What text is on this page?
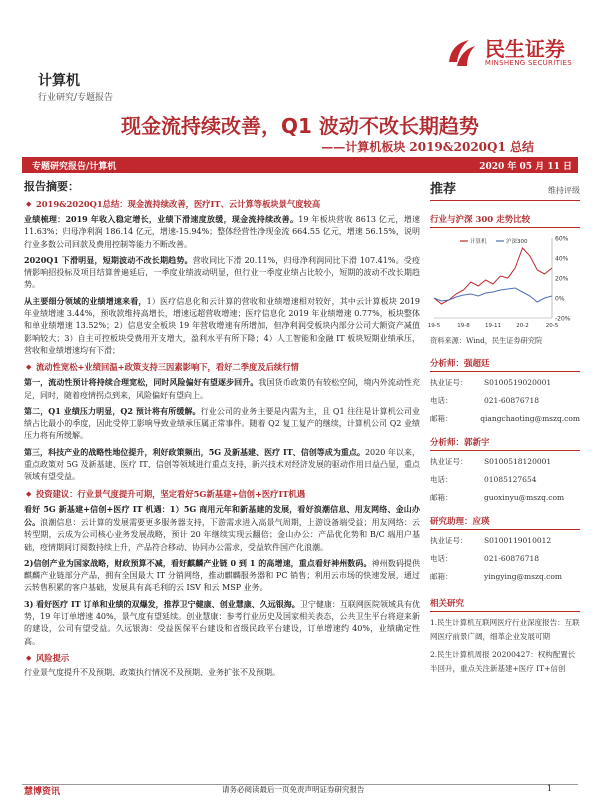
民生证券
MINSHENG SECURITIES
计算机
行业研究/专题报告
现金流持续改善，Q1 波动不改长期趋势
——计算机板块 2019&2020Q1 总结
专题研究报告/计算机	2020 年 05 月 11 日
报告摘要：
◆ 2019&2020Q1总结：现金流持续改善，医疗IT、云计算等板块景气度较高
业绩梳理：2019 年收入稳定增长，业绩下滑速度放缓，现金流持续改善。19 年板块营收 8613 亿元，增速 11.63%；归母净利润 186.14 亿元，增速-15.94%；整体经营性净现金流 664.55 亿元，增速 56.15%，说明行业多数公司回款及费用控制等能力不断改善。
2020Q1 下滑明显，短期波动不改长期趋势。营收同比下滑 20.11%，归母净利润同比下滑 107.41%。受疫情影响招投标及项目结算普遍延后，一季度业绩波动明显，但行业一季度业绩占比较小，短期的波动不改长期趋势。
从主要细分领域的业绩增速来看，1）医疗信息化和云计算的营收和业绩增速相对较好，其中云计算板块 2019 年业绩增速 3.44%，预收款维持高增长，增速远超营收增速；医疗信息化 2019 年业绩增速 0.77%，板块整体和单业绩增速 13.52%；2）信息安全板块 19 年营收增速有所增加，但净利润受板块内部分公司大额资产减值影响较大；3）自主可控板块受费用开支增大，盈利水平有所下降；4）人工智能和金融 IT 板块短期业绩承压，营收和业绩增速均有下滑；
◆ 流动性宽松+业绩回温+政策支持三因素影响下，看好二季度及后续行情
第一，流动性预计将持续合理宽松，同时风险偏好有望逐步回升。我国货币政策仍有较松空间，境内外流动性充足，同时，随着疫情拐点到来，风险偏好有望向上。
第二，Q1 业绩压力明显，Q2 预计将有所缓解。行业公司的业务主要是内需为主，且 Q1 往往是计算机公司业绩占比最小的季度，因此受停工影响导致业绩承压属正常事件。随着 Q2 复工复产的继续，计算机公司 Q2 业绩压力将有所缓解。
第三，科技产业的战略性地位提升，利好政策频出，5G 及新基建、医疗 IT、信创等成为重点。2020 年以来，重点政策对 5G 及新基建、医疗 IT、信创等领域进行重点支持，新兴技术对经济发展的驱动作用日益凸显，重点领域有望受益。
◆ 投资建议：行业景气度提升可期，坚定看好5G新基建+信创+医疗IT机遇
看好 5G 新基建+信创+医疗 IT 机遇：1）5G 商用元年和新基建的发展，看好浪潮信息、用友网络、金山办公。浪潮信息：云计算的发展需要更多服务器支持，下游需求进入高景气周期，上游设备端受益；用友网络：云转型期，云成为公司核心业务发展战略，预计 20 年继续实现云翻倍；金山办公：产品优化势和 B/C 端用户基础，疫情期间订阅数持续上升，产品符合移动、协同办公需求，受益软件国产化浪潮。
2)信创产业为国家战略，财政预算不减，看好麒麟产业链 0 到 1 的高增速，重点看好神州数码。神州数码提供麒麟产业链部分产品，拥有全国最大 IT 分销网络，推动麒麟服务器和 PC 销售；利用云市场的快速发展，通过云转售积累的客户基础，发展具有高毛利的云 ISV 和云 MSP 业务。
3) 看好医疗 IT 订单和业绩的双爆发，推荐卫宁健康、创业慧康、久远银海。卫宁健康：互联网医院领域具有优势，19 年订单增速 40%，景气度有望延续。创业慧康：参考行业历史及国家相关表态，公共卫生平台将迎来新的建设，公司有望受益。久远银海：受益医保平台建设和省级民政平台建设，订单增速约 40%，业绩确定性高。
◆ 风险提示
行业景气度提升不及预期、政策执行情况不及预期、业务扩张不及预期。
推荐	维持评级
行业与沪深 300 走势比较
60%
40%
20%
0%
-20%
19-5	19-8	19-11	20-2	20-5
计算机	沪深300
资料来源：Wind，民生证券研究院
分析师：强超廷
执业证号：	S0100519020001
电话：	021-60876718
邮箱：	qiangchaoting@mszq.com
分析师：郭新宇
执业证号：	S0100518120001
电话：	01085127654
邮箱：	guoxinyu@mszq.com
研究助理：应瑛
执业证号：	S0100119010012
电话：	021-60876718
邮箱：	yingying@mszq.com
相关研究
1.民生计算机互联网医疗行业深度报告：互联网医疗前景广阔，细革企业发展可期
2.民生计算机周报 20200427：权构配置长半回升，重点关注新基建+医疗 IT+信创
慧博资讯	请务必阅读最后一页免责声明证券研究报告	1
